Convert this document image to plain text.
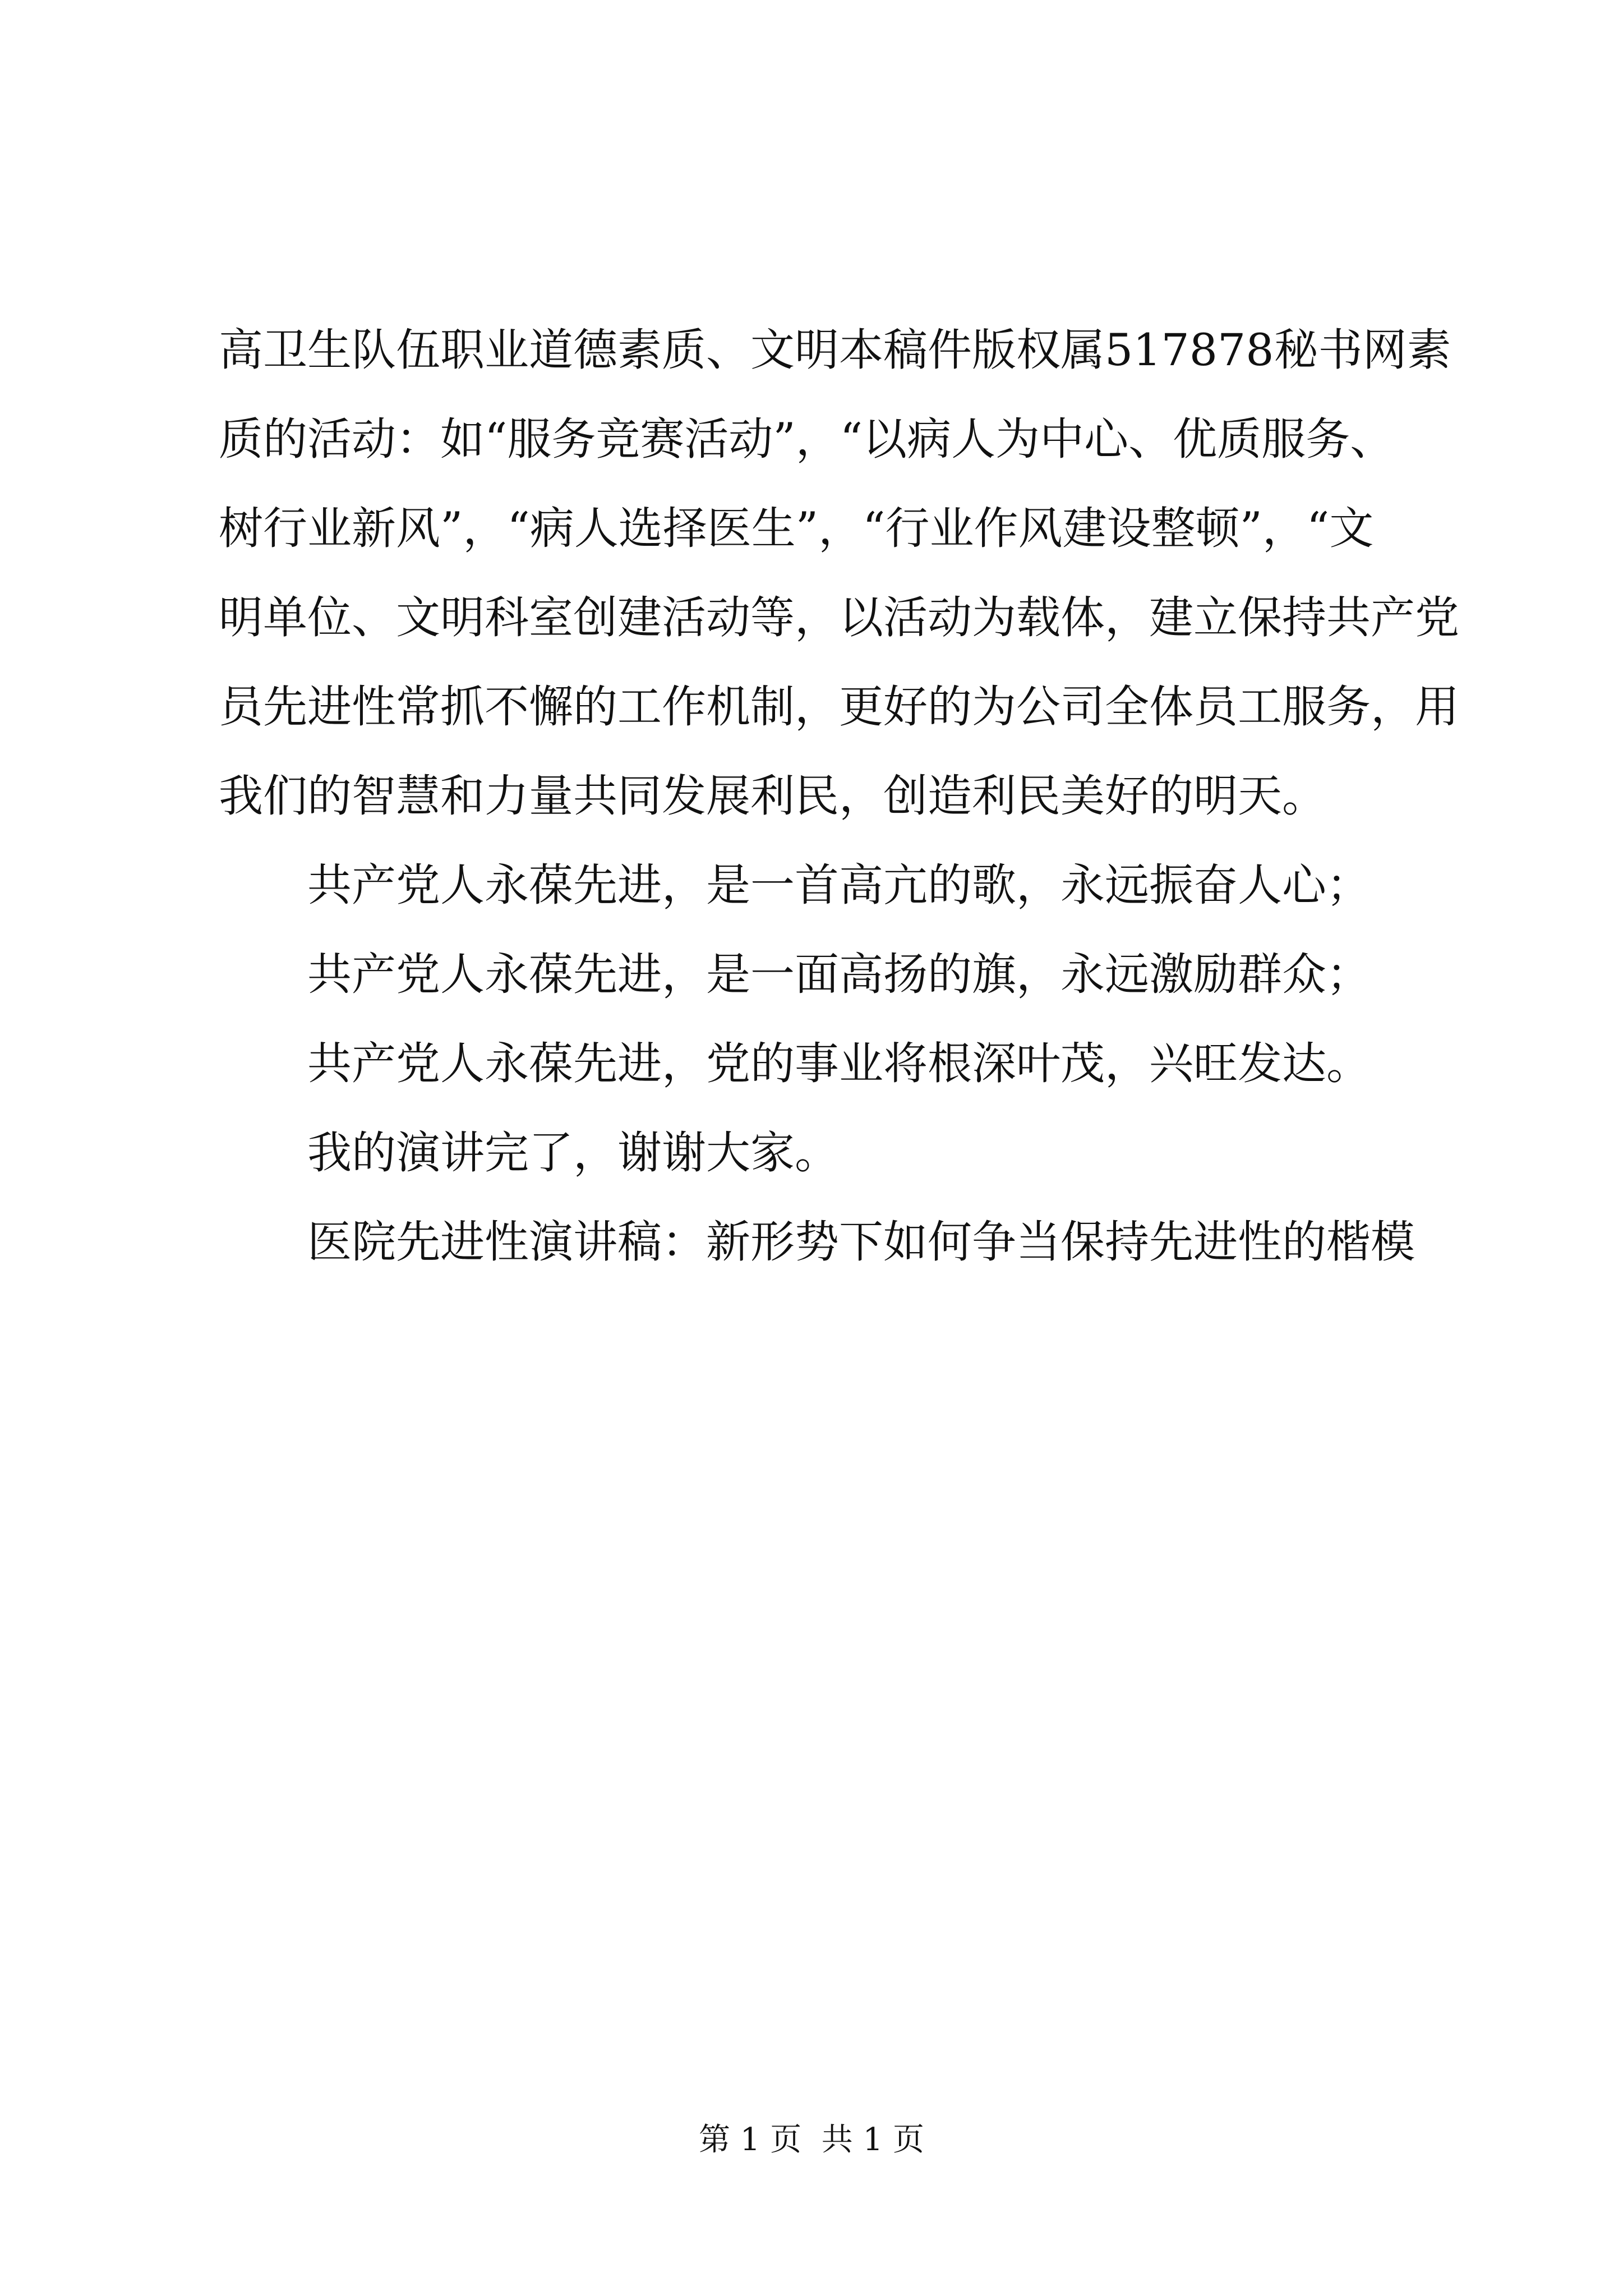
高卫生队伍职业道德素质、文明本稿件版权属517878秘书网素
质的活动：如“服务竞赛活动”，“以病人为中心、优质服务、
树行业新风”，“病人选择医生”，“行业作风建设整顿”，“文
明单位、文明科室创建活动等，以活动为载体，建立保持共产党
员先进性常抓不懈的工作机制，更好的为公司全体员工服务，用
我们的智慧和力量共同发展利民，创造利民美好的明天。
共产党人永葆先进，是一首高亢的歌，永远振奋人心；
共产党人永葆先进，是一面高扬的旗，永远激励群众；
共产党人永葆先进，党的事业将根深叶茂，兴旺发达。
我的演讲完了，谢谢大家。
医院先进性演讲稿：新形势下如何争当保持先进性的楷模
第 1 页  共 1 页
